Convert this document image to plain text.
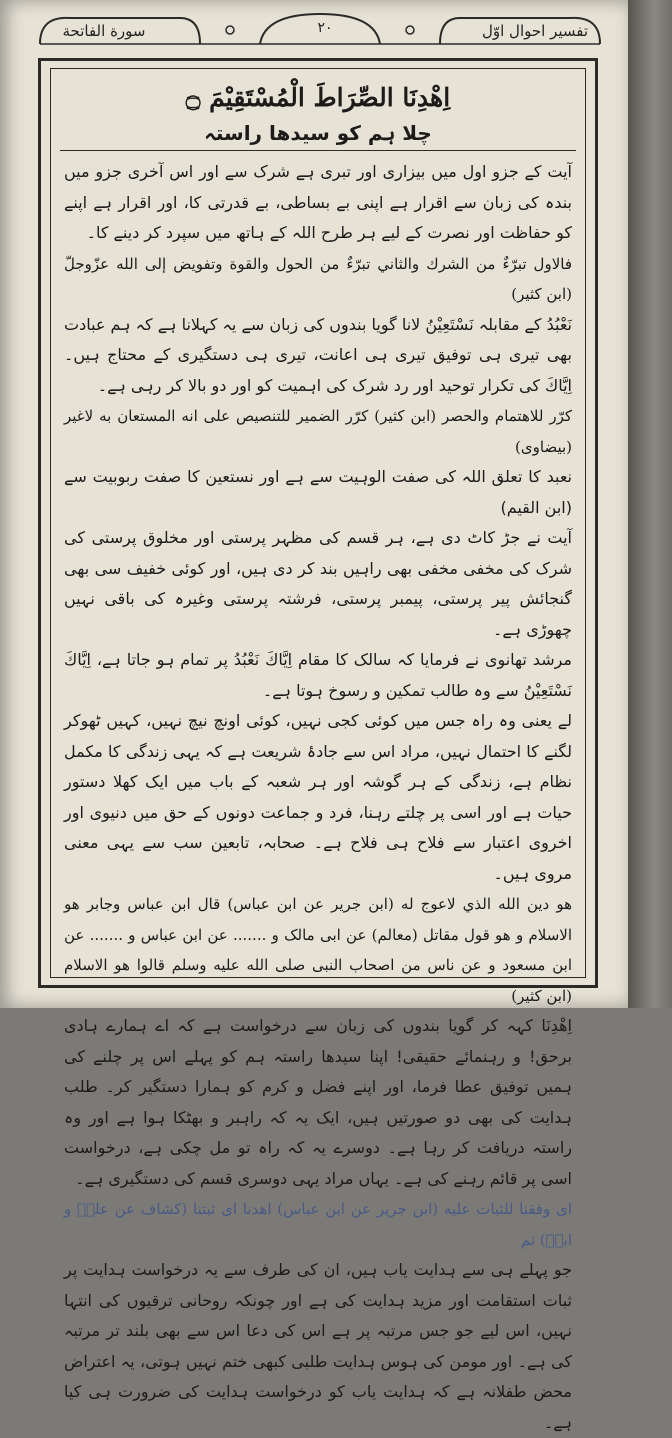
سورة الفاتحة	٢٠	تفسیر احوال اوّل
اِهْدِنَا الصِّرَاطَ الْمُسْتَقِيْمَ ۝
چلا ہم کو سیدھا راستہ
آیت کے جزو اول میں بیزاری اور تبری ہے شرک سے اور اس آخری جزو میں بندہ کی زبان سے اقرار ہے اپنی بے بساطی، بے قدرتی کا، اور اقرار ہے اپنے کو حفاظت اور نصرت کے لیے ہر طرح اللہ کے ہاتھ میں سپرد کر دینے کا۔
فالاول تبرّءٌ من الشرك والثاني تبرّءٌ من الحول والقوة وتفويض إلى الله عزّوجلّ (ابن کثیر)
نَعْبُدُ کے مقابلہ نَسْتَعِيْنُ لانا گویا بندوں کی زبان سے یہ کہلانا ہے کہ ہم عبادت بھی تیری ہی توفیق تیری ہی اعانت، تیری ہی دستگیری کے محتاج ہیں۔ اِيَّاكَ کی تکرار توحید اور رد شرک کی اہمیت کو اور دو بالا کر رہی ہے۔
کرّر للاهتمام والحصر (ابن کثیر) کرّر الضمير للتنصيص على انه المستعان به لاغير (بیضاوی)
نعبد کا تعلق اللہ کی صفت الوہیت سے ہے اور نستعین کا صفت ربوبیت سے (ابن القیم)
آیت نے جڑ کاٹ دی ہے، ہر قسم کی مظہر پرستی اور مخلوق پرستی کی شرک کی مخفی مخفی بھی راہیں بند کر دی ہیں، اور کوئی خفیف سی بھی گنجائش پیر پرستی، پیمبر پرستی، فرشتہ پرستی وغیرہ کی باقی نہیں چھوڑی ہے۔
مرشد تھانوی نے فرمایا کہ سالک کا مقام اِيَّاكَ نَعْبُدُ پر تمام ہو جاتا ہے، اِيَّاكَ نَسْتَعِيْنُ سے وہ طالب تمکین و رسوخ ہوتا ہے۔
لے یعنی وہ راہ جس میں کوئی کجی نہیں، کوئی اونچ نیچ نہیں، کہیں ٹھوکر لگنے کا احتمال نہیں، مراد اس سے جادۂ شریعت ہے کہ یہی زندگی کا مکمل نظام ہے، زندگی کے ہر گوشہ اور ہر شعبہ کے باب میں ایک کھلا دستور حیات ہے اور اسی پر چلتے رہنا، فرد و جماعت دونوں کے حق میں دنیوی اور اخروی اعتبار سے فلاح ہی فلاح ہے۔ صحابہ، تابعین سب سے یہی معنی مروی ہیں۔
هو دين الله الذي لاعوج له (ابن جرير عن ابن عباس) قال ابن عباس وجابر هو الاسلام و هو قول مقاتل (معالم) عن ابی مالک و ....... عن ابن عباس و ....... عن ابن مسعود و عن ناس من اصحاب النبی صلی الله عليه وسلم قالوا هو الاسلام (ابن کثیر)
اِهْدِنَا کہہ کر گویا بندوں کی زبان سے درخواست ہے کہ اے ہمارے ہادی برحق! و رہنمائے حقیقی! اپنا سیدھا راستہ ہم کو پہلے اس پر چلنے کی ہمیں توفیق عطا فرما، اور اپنے فضل و کرم کو ہمارا دستگیر کر۔ طلب ہدایت کی بھی دو صورتیں ہیں، ایک یہ کہ راہبر و بھٹکا ہوا ہے اور وہ راستہ دریافت کر رہا ہے۔ دوسرے یہ کہ راہ تو مل چکی ہے، درخواست اسی پر قائم رہنے کی ہے۔ یہاں مراد یہی دوسری قسم کی دستگیری ہے۔
ای وفقنا للثبات عليه (ابن جرير عن ابن عباس) اهدنا ای ثبتنا (کشاف عن علیؓ و ابیؓ) ثم
جو پہلے ہی سے ہدایت یاب ہیں، ان کی طرف سے یہ درخواست ہدایت پر ثبات استقامت اور مزید ہدایت کی ہے اور چونکہ روحانی ترقیوں کی انتہا نہیں، اس لیے جو جس مرتبہ پر ہے اس کی دعا اس سے بھی بلند تر مرتبہ کی ہے۔ اور مومن کی ہوس ہدایت طلبی کبھی ختم نہیں ہوتی، یہ اعتراض محض طفلانہ ہے کہ ہدایت یاب کو درخواست ہدایت کی ضرورت ہی کیا ہے۔
